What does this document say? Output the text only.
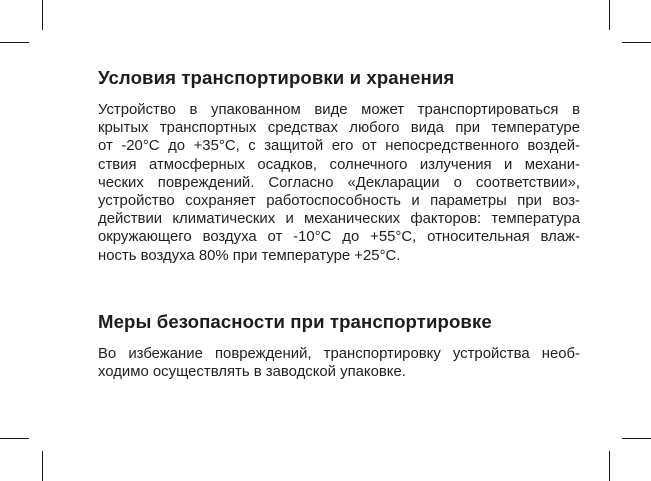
Условия транспортировки и хранения

Устройство в упакованном виде может транспортироваться в
крытых транспортных средствах любого вида при температуре
от -20°C до +35°C, с защитой его от непосредственного воздей-
ствия атмосферных осадков, солнечного излучения и механи-
ческих повреждений. Согласно «Декларации о соответствии»,
устройство сохраняет работоспособность и параметры при воз-
действии климатических и механических факторов: температура
окружающего воздуха от -10°C до +55°C, относительная влаж-
ность воздуха 80% при температуре +25°C.

Меры безопасности при транспортировке

Во избежание повреждений, транспортировку устройства необ-
ходимо осуществлять в заводской упаковке.
